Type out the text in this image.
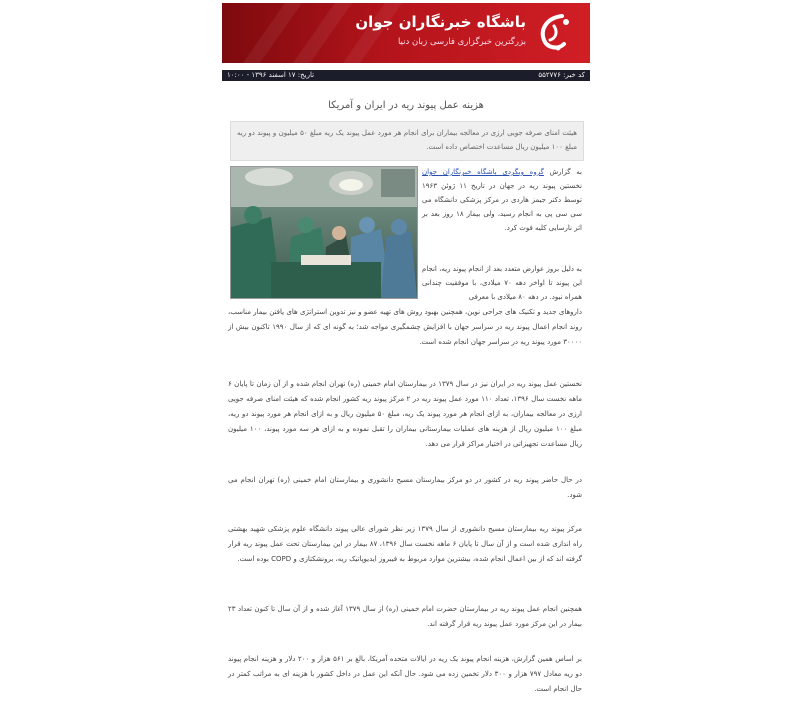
باشگاه خبرنگاران جوان
بزرگترین خبرگزاری فارسی زبان دنیا
کد خبر: ۵۵۲۷۷۶
تاریخ: ۱۷ اسفند ۱۳۹۶ - ۱۰:۰۰
هزینه عمل پیوند ریه در ایران و آمریکا
هیئت امنای صرفه جویی ارزی در معالجه بیماران برای انجام هر مورد عمل پیوند یک ریه مبلغ ۵۰ میلیون و پیوند دو ریه مبلغ ۱۰۰ میلیون ریال مساعدت اختصاص داده است.
به گزارش گروه وبگردی باشگاه خبرنگاران جوان نخستین پیوند ریه در جهان در تاریخ ۱۱ ژوئن ۱۹۶۳ توسط دکتر جیمز هاردی در مرکز پزشکی دانشگاه می سی سی پی به انجام رسید، ولی بیمار ۱۸ روز بعد بر اثر نارسایی کلیه فوت کرد.
به دلیل بروز عوارض متعدد بعد از انجام پیوند ریه، انجام این پیوند تا اواخر دهه ۷۰ میلادی، با موفقیت چندانی همراه نبود. در دهه ۸۰ میلادی با معرفی
داروهای جدید و تکنیک های جراحی نوین، همچنین بهبود روش های تهیه عضو و نیز تدوین استراتژی های یافتن بیمار مناسب، روند انجام اعمال پیوند ریه در سراسر جهان با افزایش چشمگیری مواجه شد؛ به گونه ای که از سال ۱۹۹۰ تاکنون بیش از ۳۰۰۰۰ مورد پیوند ریه در سراسر جهان انجام شده است.
نخستین عمل پیوند ریه در ایران نیز در سال ۱۳۷۹ در بیمارستان امام خمینی (ره) تهران انجام شده و از آن زمان تا پایان ۶ ماهه نخست سال ۱۳۹۶، تعداد ۱۱۰ مورد عمل پیوند ریه در ۲ مرکز پیوند ریه کشور انجام شده که هیئت امنای صرفه جویی ارزی در معالجه بیماران، به ازای انجام هر مورد پیوند یک ریه، مبلغ ۵۰ میلیون ریال و به ازای انجام هر مورد پیوند دو ریه، مبلغ ۱۰۰ میلیون ریال از هزینه های عملیات بیمارستانی بیماران را تقبل نموده و به ازای هر سه مورد پیوند، ۱۰۰ میلیون ریال مساعدت تجهیزاتی در اختیار مراکز قرار می دهد.
در حال حاضر پیوند ریه در کشور در دو مرکز بیمارستان مسیح دانشوری و بیمارستان امام خمینی (ره) تهران انجام می شود.
مرکز پیوند ریه بیمارستان مسیح دانشوری از سال ۱۳۷۹ زیر نظر شورای عالی پیوند دانشگاه علوم پزشکی شهید بهشتی راه اندازی شده است و از آن سال تا پایان ۶ ماهه نخست سال ۱۳۹۶، ۸۷ بیمار در این بیمارستان تحت عمل پیوند ریه قرار گرفته اند که از بین اعمال انجام شده، بیشترین موارد مربوط به فیبروز ایدیوپاتیک ریه، برونشکتازی و COPD بوده است.
همچنین انجام عمل پیوند ریه در بیمارستان حضرت امام خمینی (ره) از سال ۱۳۷۹ آغاز شده و از آن سال تا کنون تعداد ۲۳ بیمار در این مرکز مورد عمل پیوند ریه قرار گرفته اند.
بر اساس همین گزارش، هزینه انجام پیوند یک ریه در ایالات متحده آمریکا، بالغ بر ۵۶۱ هزار و ۲۰۰ دلار و هزینه انجام پیوند دو ریه معادل ۷۹۷ هزار و ۳۰۰ دلار تخمین زده می شود. حال آنکه این عمل در داخل کشور با هزینه ای به مراتب کمتر در حال انجام است.
